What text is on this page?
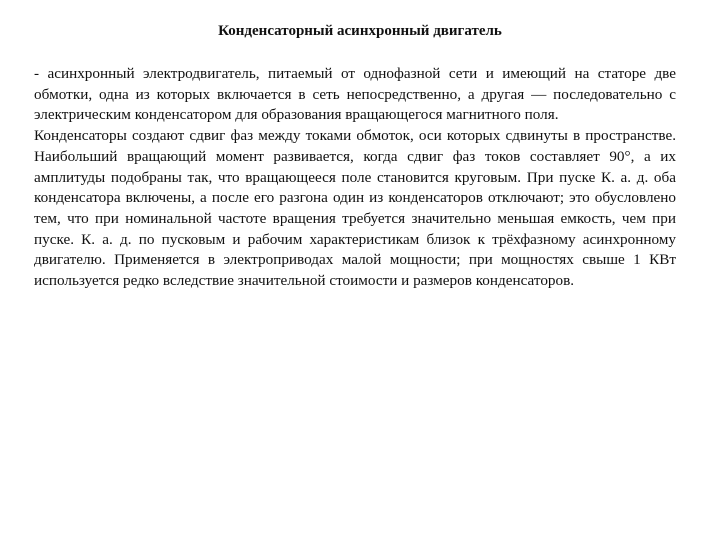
Конденсаторный асинхронный двигатель

- асинхронный электродвигатель, питаемый от однофазной сети и имеющий на статоре две обмотки, одна из которых включается в сеть непосредственно, а другая — последовательно с электрическим конденсатором для образования вращающегося магнитного поля.

Конденсаторы создают сдвиг фаз между токами обмоток, оси которых сдвинуты в пространстве. Наибольший вращающий момент развивается, когда сдвиг фаз токов составляет 90°, а их амплитуды подобраны так, что вращающееся поле становится круговым. При пуске К. а. д. оба конденсатора включены, а после его разгона один из конденсаторов отключают; это обусловлено тем, что при номинальной частоте вращения требуется значительно меньшая емкость, чем при пуске. К. а. д. по пусковым и рабочим характеристикам близок к трёхфазному асинхронному двигателю. Применяется в электроприводах малой мощности; при мощностях свыше 1 КВт используется редко вследствие значительной стоимости и размеров конденсаторов.
